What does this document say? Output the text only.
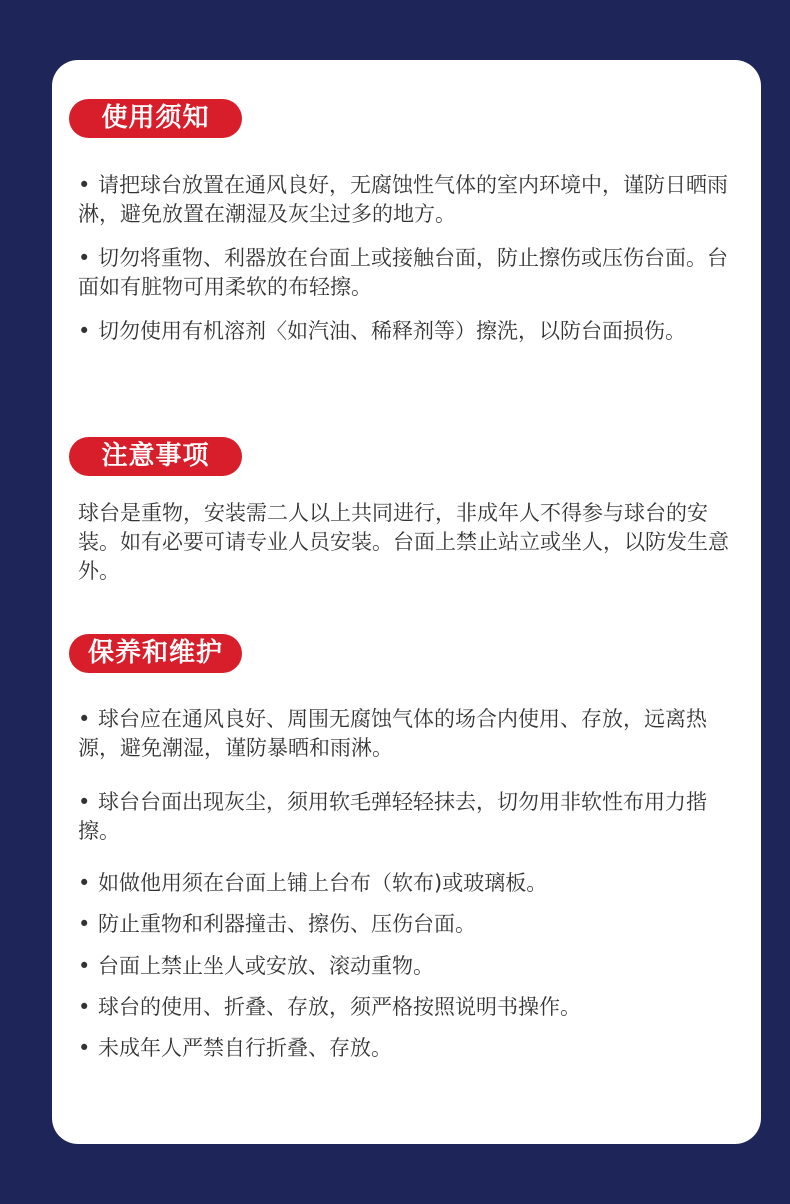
使用须知

• 请把球台放置在通风良好，无腐蚀性气体的室内环境中，谨防日晒雨淋，避免放置在潮湿及灰尘过多的地方。

• 切勿将重物、利器放在台面上或接触台面，防止擦伤或压伤台面。台面如有脏物可用柔软的布轻擦。

• 切勿使用有机溶剂〈如汽油、稀释剂等）擦洗，以防台面损伤。

注意事项

球台是重物，安装需二人以上共同进行，非成年人不得参与球台的安装。如有必要可请专业人员安装。台面上禁止站立或坐人，以防发生意外。

保养和维护

• 球台应在通风良好、周围无腐蚀气体的场合内使用、存放，远离热源，避免潮湿，谨防暴晒和雨淋。

• 球台台面出现灰尘，须用软毛弹轻轻抹去，切勿用非软性布用力揩擦。

• 如做他用须在台面上铺上台布（软布)或玻璃板。

• 防止重物和利器撞击、擦伤、压伤台面。

• 台面上禁止坐人或安放、滚动重物。

• 球台的使用、折叠、存放，须严格按照说明书操作。

• 未成年人严禁自行折叠、存放。
